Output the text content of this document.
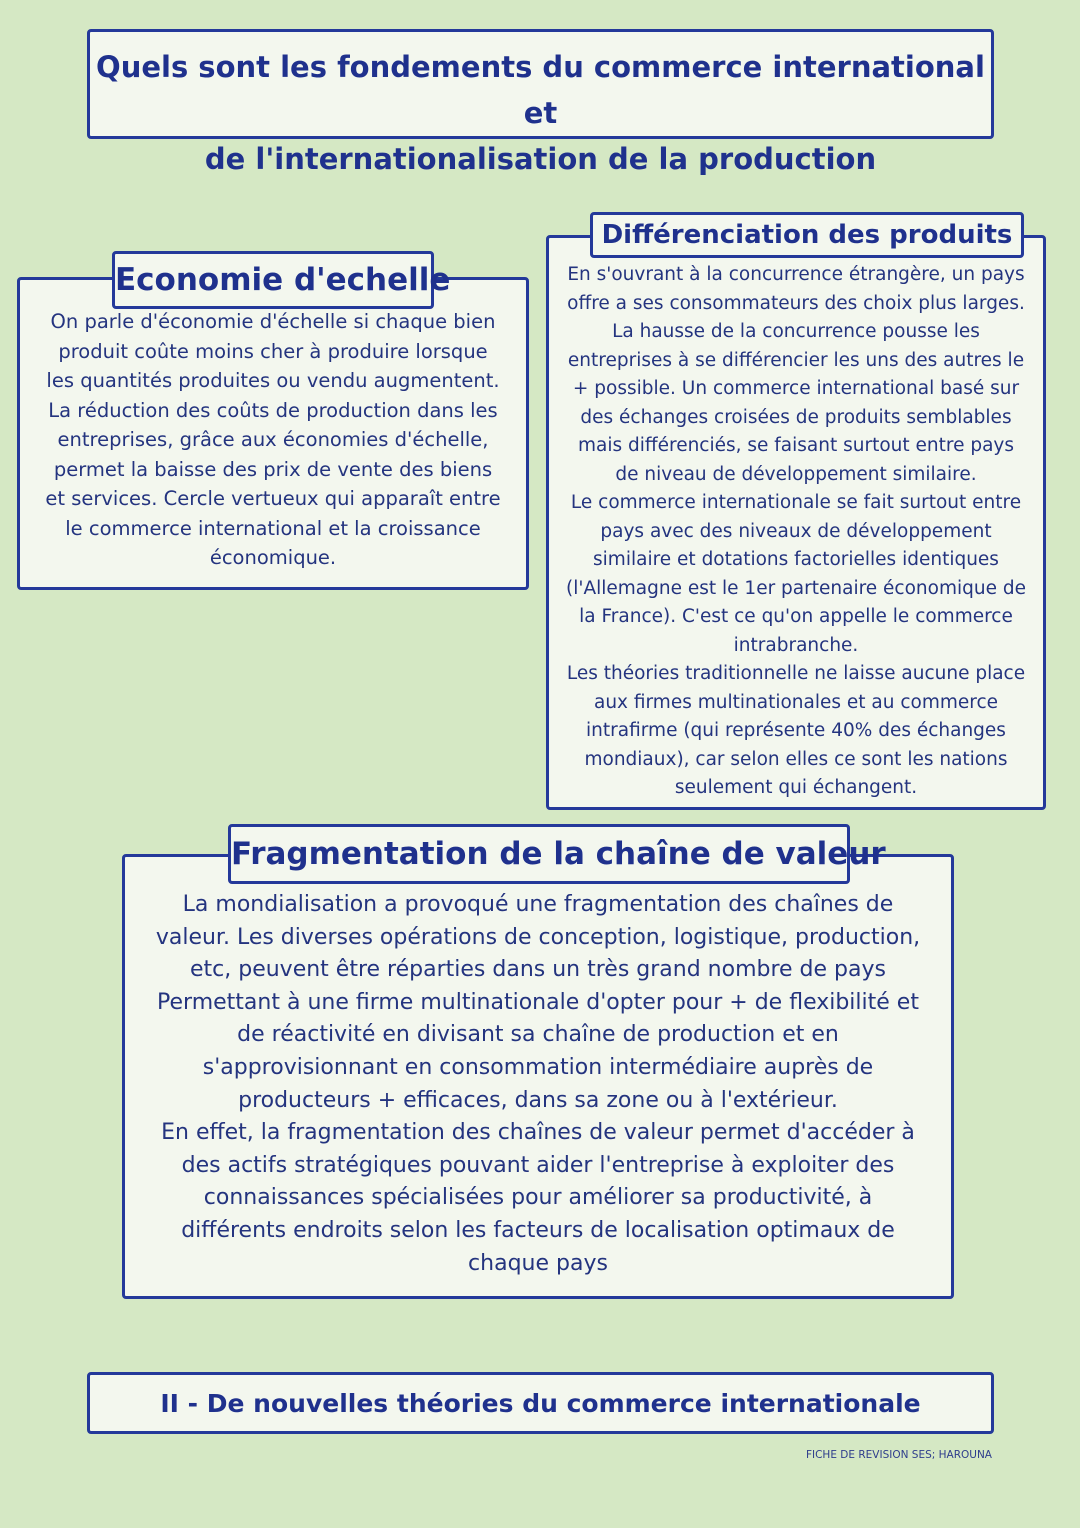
Quels sont les fondements du commerce international et
de l'internationalisation de la production
Economie d'echelle
On parle d'économie d'échelle si chaque bien
produit coûte moins cher à produire lorsque
les quantités produites ou vendu augmentent.
La réduction des coûts de production dans les
entreprises, grâce aux économies d'échelle,
permet la baisse des prix de vente des biens
et services. Cercle vertueux qui apparaît entre
le commerce international et la croissance
économique.
Différenciation des produits
En s'ouvrant à la concurrence étrangère, un pays
offre a ses consommateurs des choix plus larges.
La hausse de la concurrence pousse les
entreprises à se différencier les uns des autres le
+ possible. Un commerce international basé sur
des échanges croisées de produits semblables
mais différenciés, se faisant surtout entre pays
de niveau de développement similaire.
Le commerce internationale se fait surtout entre
pays avec des niveaux de développement
similaire et dotations factorielles identiques
(l'Allemagne est le 1er partenaire économique de
la France). C'est ce qu'on appelle le commerce
intrabranche.
Les théories traditionnelle ne laisse aucune place
aux firmes multinationales et au commerce
intrafirme (qui représente 40% des échanges
mondiaux), car selon elles ce sont les nations
seulement qui échangent.
Fragmentation de la chaîne de valeur
La mondialisation a provoqué une fragmentation des chaînes de
valeur. Les diverses opérations de conception, logistique, production,
etc, peuvent être réparties dans un très grand nombre de pays
Permettant à une firme multinationale d'opter pour + de flexibilité et
de réactivité en divisant sa chaîne de production et en
s'approvisionnant en consommation intermédiaire auprès de
producteurs + efficaces, dans sa zone ou à l'extérieur.
En effet, la fragmentation des chaînes de valeur permet d'accéder à
des actifs stratégiques pouvant aider l'entreprise à exploiter des
connaissances spécialisées pour améliorer sa productivité, à
différents endroits selon les facteurs de localisation optimaux de
chaque pays
II - De nouvelles théories du commerce internationale
FICHE DE REVISION SES; HAROUNA
